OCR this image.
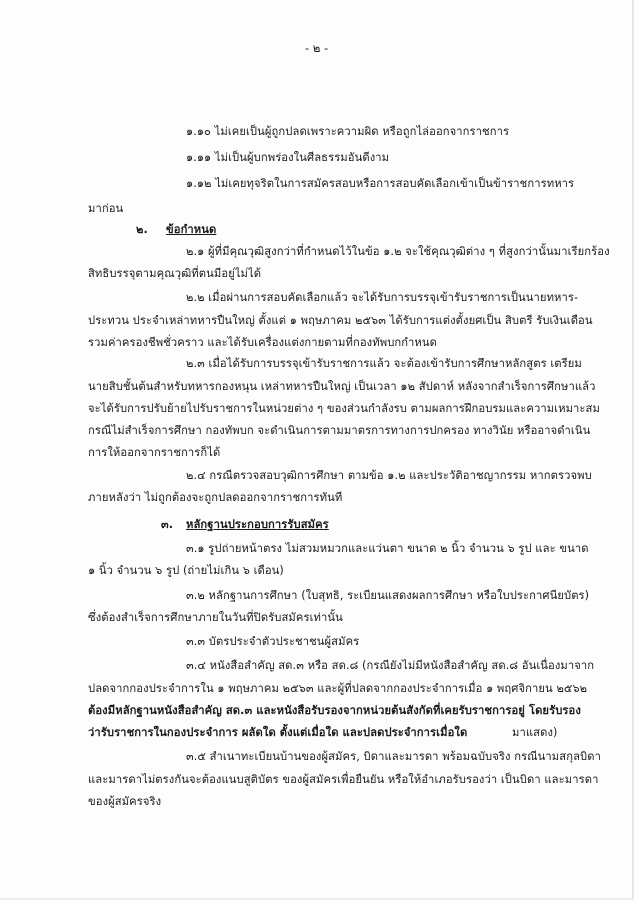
- ๒ -
๑.๑๐ ไม่เคยเป็นผู้ถูกปลดเพราะความผิด หรือถูกไล่ออกจากราชการ
๑.๑๑ ไม่เป็นผู้บกพร่องในศีลธรรมอันดีงาม
๑.๑๒ ไม่เคยทุจริตในการสมัครสอบหรือการสอบคัดเลือกเข้าเป็นข้าราชการทหาร
มาก่อน
๒. ข้อกำหนด
๒.๑ ผู้ที่มีคุณวุฒิสูงกว่าที่กำหนดไว้ในข้อ ๑.๒ จะใช้คุณวุฒิต่าง ๆ ที่สูงกว่านั้นมาเรียกร้อง
สิทธิบรรจุตามคุณวุฒิที่ตนมีอยู่ไม่ได้
๒.๒ เมื่อผ่านการสอบคัดเลือกแล้ว จะได้รับการบรรจุเข้ารับราชการเป็นนายทหาร-
ประทวน ประจำเหล่าทหารปืนใหญ่ ตั้งแต่ ๑ พฤษภาคม ๒๕๖๓ ได้รับการแต่งตั้งยศเป็น สิบตรี รับเงินเดือน
รวมค่าครองชีพชั่วคราว และได้รับเครื่องแต่งกายตามที่กองทัพบกกำหนด
๒.๓ เมื่อได้รับการบรรจุเข้ารับราชการแล้ว จะต้องเข้ารับการศึกษาหลักสูตร เตรียม
นายสิบชั้นต้นสำหรับทหารกองหนุน เหล่าทหารปืนใหญ่ เป็นเวลา ๑๒ สัปดาห์ หลังจากสำเร็จการศึกษาแล้ว
จะได้รับการปรับย้ายไปรับราชการในหน่วยต่าง ๆ ของส่วนกำลังรบ ตามผลการฝึกอบรมและความเหมาะสม
กรณีไม่สำเร็จการศึกษา กองทัพบก จะดำเนินการตามมาตรการทางการปกครอง ทางวินัย หรืออาจดำเนิน
การให้ออกจากราชการก็ได้
๒.๔ กรณีตรวจสอบวุฒิการศึกษา ตามข้อ ๑.๒ และประวัติอาชญากรรม หากตรวจพบ
ภายหลังว่า ไม่ถูกต้องจะถูกปลดออกจากราชการทันที
๓. หลักฐานประกอบการรับสมัคร
๓.๑ รูปถ่ายหน้าตรง ไม่สวมหมวกและแว่นตา ขนาด ๒ นิ้ว จำนวน ๖ รูป และ ขนาด
๑ นิ้ว จำนวน ๖ รูป (ถ่ายไม่เกิน ๖ เดือน)
๓.๒ หลักฐานการศึกษา (ใบสุทธิ, ระเบียนแสดงผลการศึกษา หรือใบประกาศนียบัตร)
ซึ่งต้องสำเร็จการศึกษาภายในวันที่ปิดรับสมัครเท่านั้น
๓.๓ บัตรประจำตัวประชาชนผู้สมัคร
๓.๔ หนังสือสำคัญ สด.๓ หรือ สด.๘ (กรณียังไม่มีหนังสือสำคัญ สด.๘ อันเนื่องมาจาก
ปลดจากกองประจำการใน ๑ พฤษภาคม ๒๕๖๓ และผู้ที่ปลดจากกองประจำการเมื่อ ๑ พฤศจิกายน ๒๕๖๒
ต้องมีหลักฐานหนังสือสำคัญ สด.๓ และหนังสือรับรองจากหน่วยต้นสังกัดที่เคยรับราชการอยู่ โดยรับรอง
ว่ารับราชการในกองประจำการ ผลัดใด ตั้งแต่เมื่อใด และปลดประจำการเมื่อใด	มาแสดง)
๓.๕ สำเนาทะเบียนบ้านของผู้สมัคร, บิดาและมารดา พร้อมฉบับจริง กรณีนามสกุลบิดา
และมารดาไม่ตรงกันจะต้องแนบสูติบัตร ของผู้สมัครเพื่อยืนยัน หรือให้อำเภอรับรองว่า เป็นบิดา และมารดา
ของผู้สมัครจริง
